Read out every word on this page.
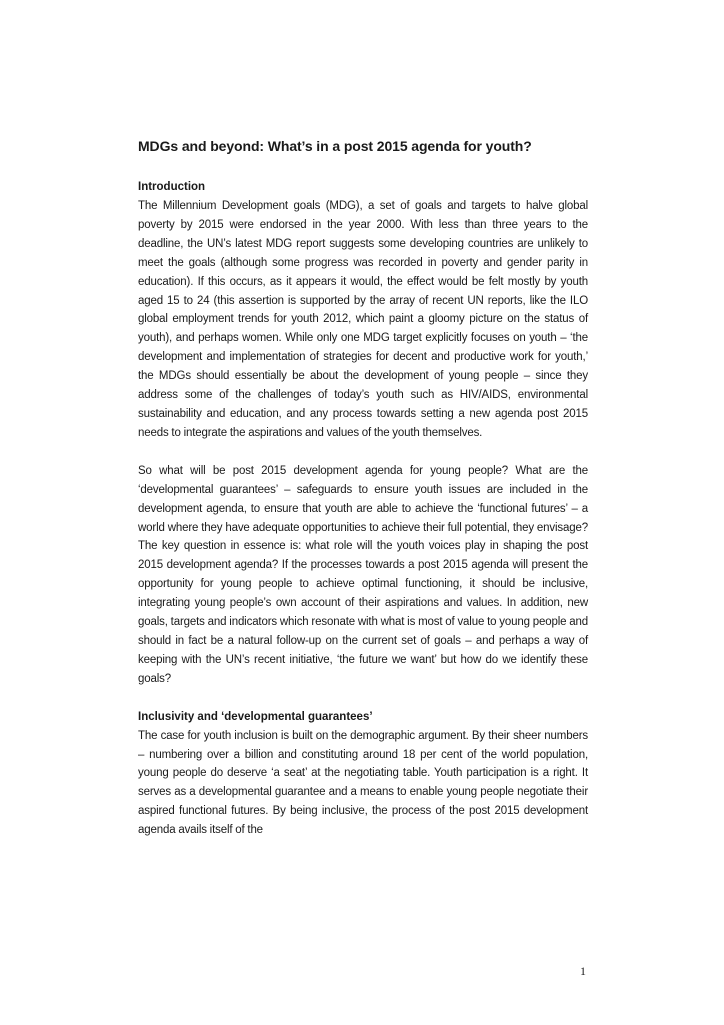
MDGs and beyond: What’s in a post 2015 agenda for youth?
Introduction

The Millennium Development goals (MDG), a set of goals and targets to halve global poverty by 2015 were endorsed in the year 2000. With less than three years to the deadline, the UN’s latest MDG report suggests some developing countries are unlikely to meet the goals (although some progress was recorded in poverty and gender parity in education). If this occurs, as it appears it would, the effect would be felt mostly by youth aged 15 to 24 (this assertion is supported by the array of recent UN reports, like the ILO global employment trends for youth 2012, which paint a gloomy picture on the status of youth), and perhaps women. While only one MDG target explicitly focuses on youth – ‘the development and implementation of strategies for decent and productive work for youth,’ the MDGs should essentially be about the development of young people – since they address some of the challenges of today’s youth such as HIV/AIDS, environmental sustainability and education, and any process towards setting a new agenda post 2015 needs to integrate the aspirations and values of the youth themselves.

So what will be post 2015 development agenda for young people? What are the ‘developmental guarantees’ – safeguards to ensure youth issues are included in the development agenda, to ensure that youth are able to achieve the ‘functional futures’ – a world where they have adequate opportunities to achieve their full potential, they envisage? The key question in essence is: what role will the youth voices play in shaping the post 2015 development agenda? If the processes towards a post 2015 agenda will present the opportunity for young people to achieve optimal functioning, it should be inclusive, integrating young people’s own account of their aspirations and values. In addition, new goals, targets and indicators which resonate with what is most of value to young people and should in fact be a natural follow-up on the current set of goals – and perhaps a way of keeping with the UN’s recent initiative, ‘the future we want’ but how do we identify these goals?

Inclusivity and ‘developmental guarantees’

The case for youth inclusion is built on the demographic argument. By their sheer numbers – numbering over a billion and constituting around 18 per cent of the world population, young people do deserve ‘a seat’ at the negotiating table. Youth participation is a right. It serves as a developmental guarantee and a means to enable young people negotiate their aspired functional futures. By being inclusive, the process of the post 2015 development agenda avails itself of the

1
